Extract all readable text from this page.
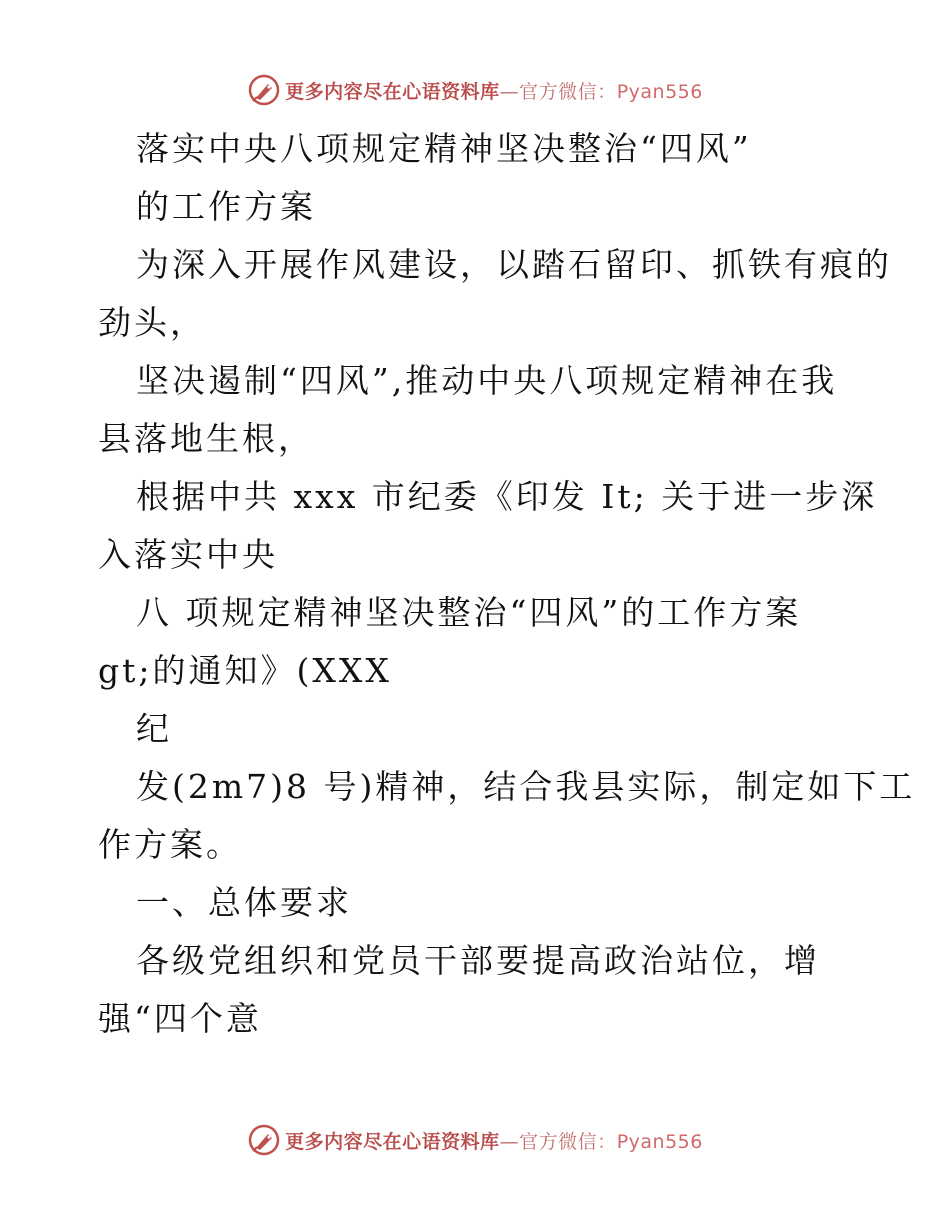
更多内容尽在心语资料库—官方微信：Pyan556
落实中央八项规定精神坚决整治“四风”
的工作方案
为深入开展作风建设，以踏石留印、抓铁有痕的
劲头，
坚决遏制“四风”,推动中央八项规定精神在我
县落地生根，
根据中共 xxx 市纪委《印发 It; 关于进一步深
入落实中央
八 项规定精神坚决整治“四风”的工作方案
gt;的通知》(XXX
纪
发(2m7)8 号)精神，结合我县实际，制定如下工
作方案。
一、总体要求
各级党组织和党员干部要提高政治站位，增
强“四个意
更多内容尽在心语资料库—官方微信：Pyan556
